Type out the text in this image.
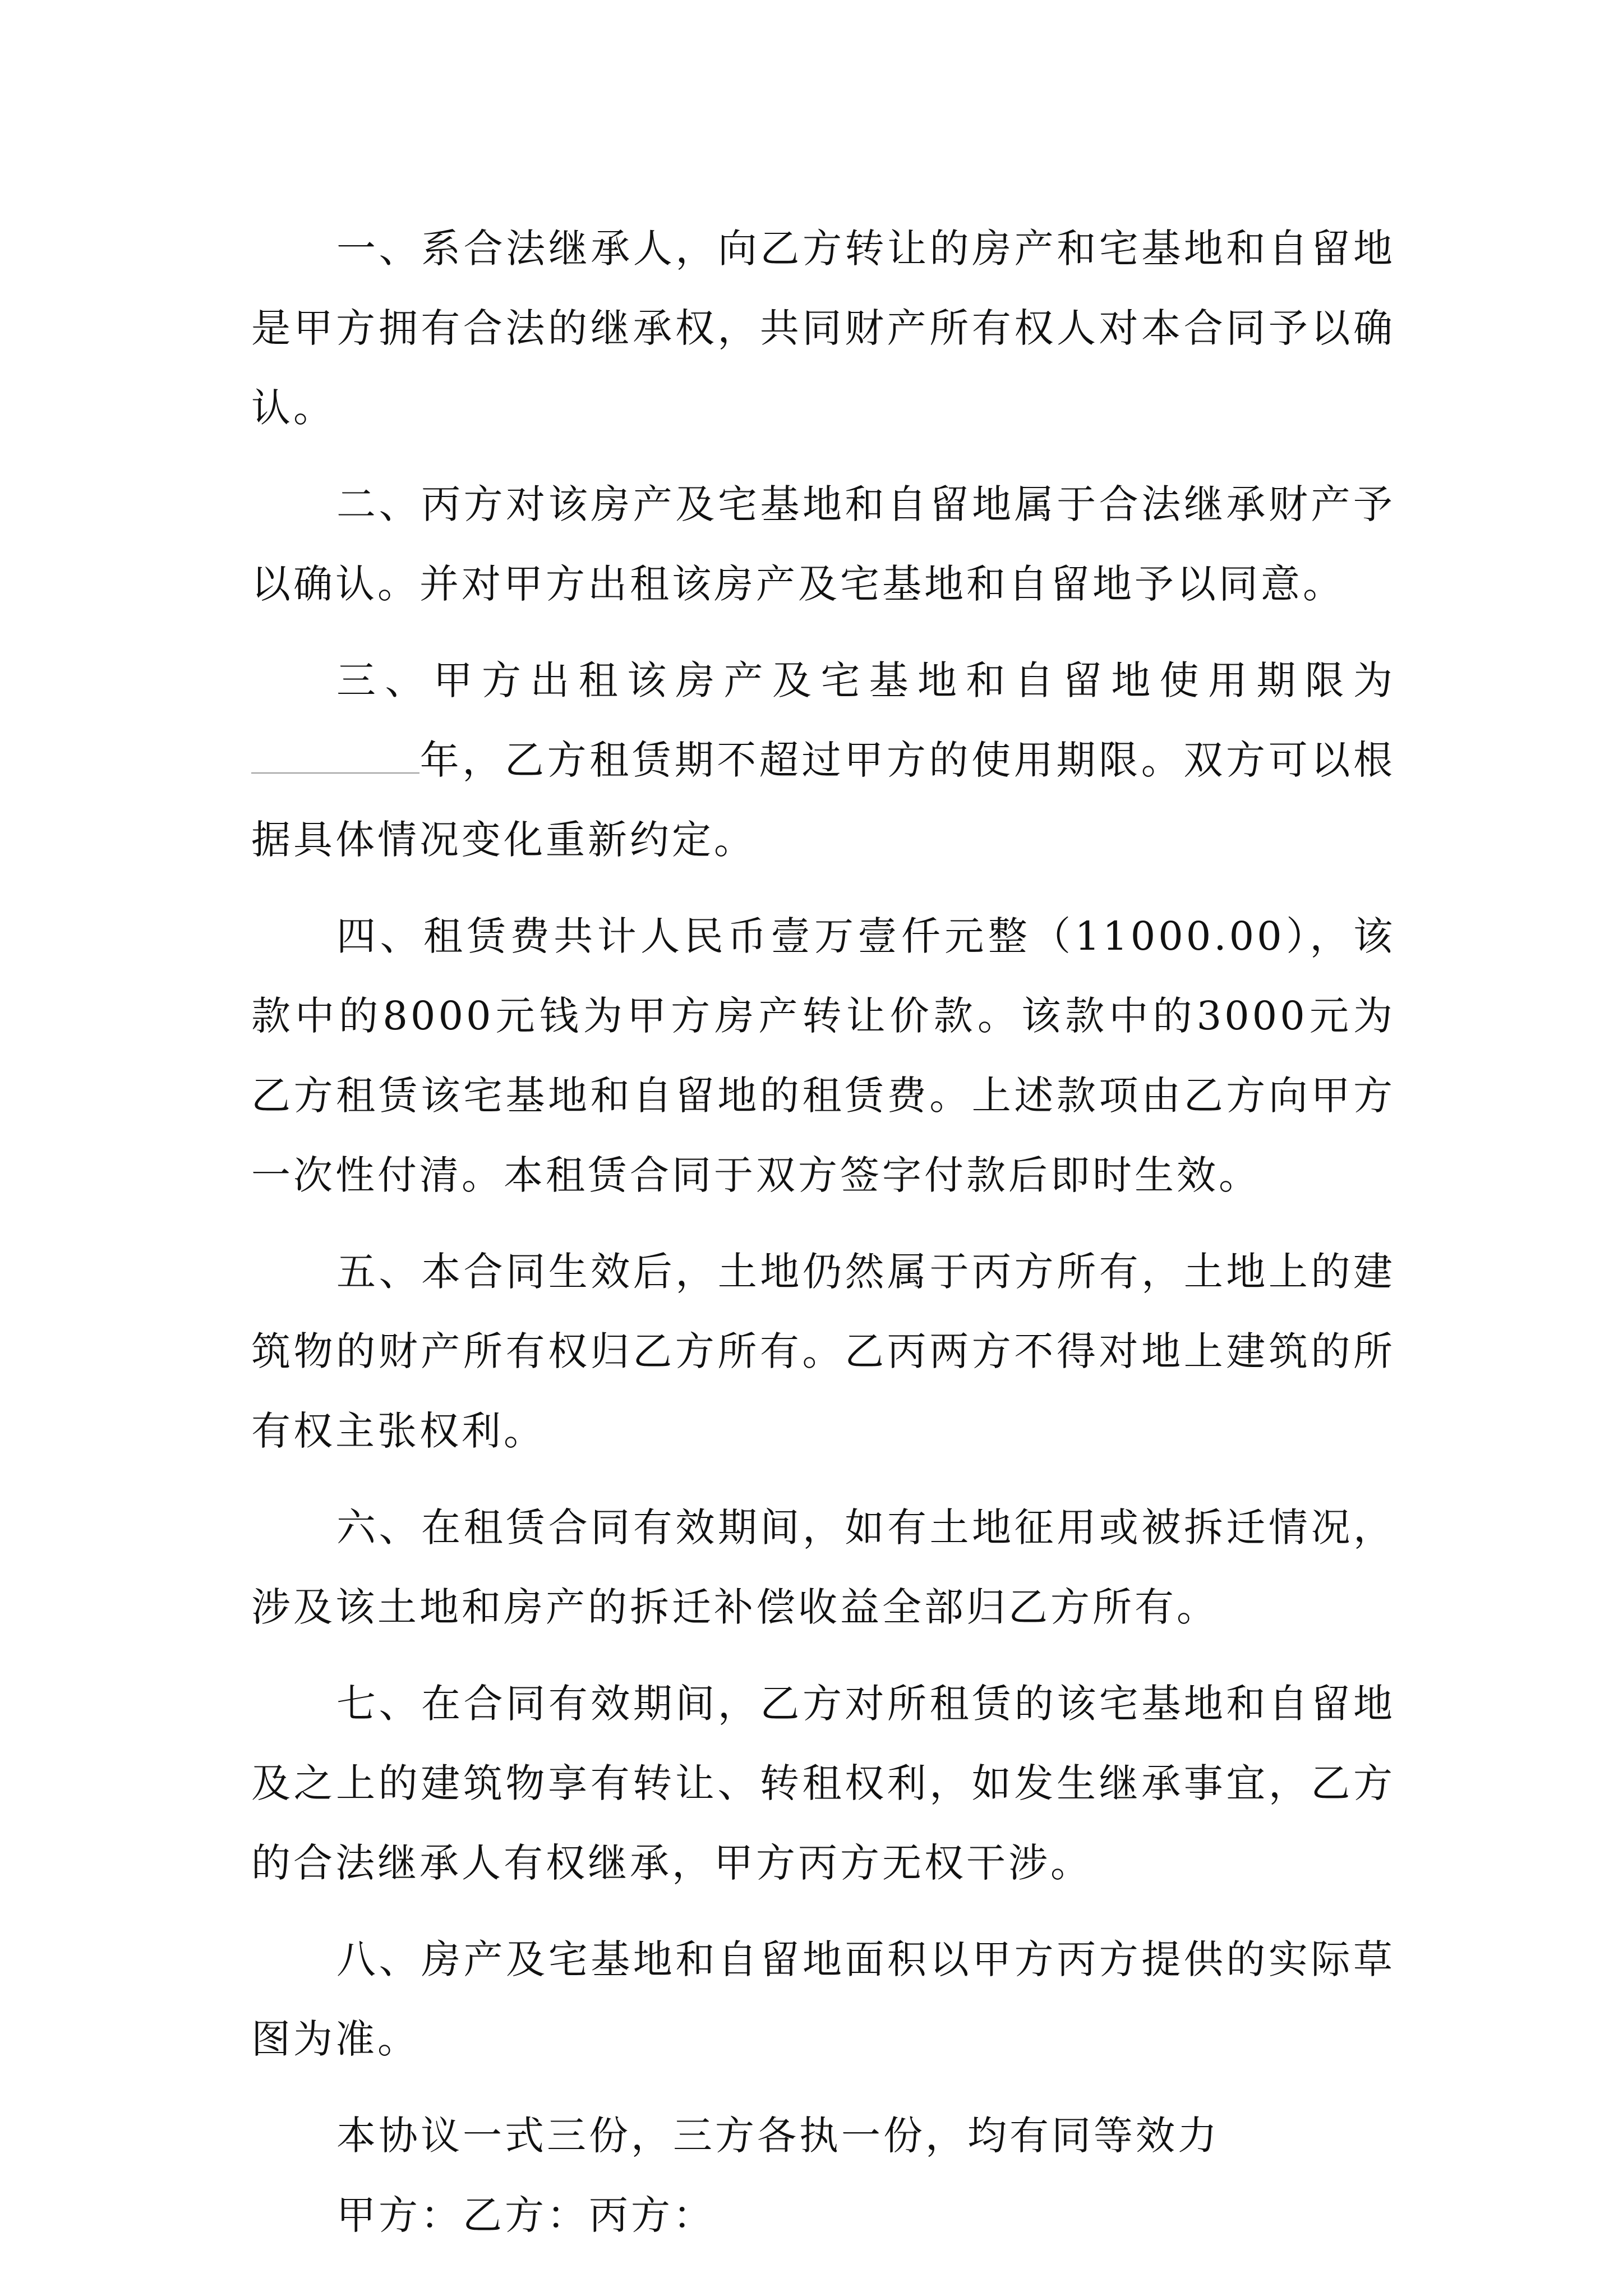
一、系合法继承人，向乙方转让的房产和宅基地和自留地是甲方拥有合法的继承权，共同财产所有权人对本合同予以确认。

二、丙方对该房产及宅基地和自留地属于合法继承财产予以确认。并对甲方出租该房产及宅基地和自留地予以同意。

三、甲方出租该房产及宅基地和自留地使用期限为年，乙方租赁期不超过甲方的使用期限。双方可以根据具体情况变化重新约定。

四、租赁费共计人民币壹万壹仟元整（11000.00），该款中的8000元钱为甲方房产转让价款。该款中的3000元为乙方租赁该宅基地和自留地的租赁费。上述款项由乙方向甲方一次性付清。本租赁合同于双方签字付款后即时生效。

五、本合同生效后，土地仍然属于丙方所有，土地上的建筑物的财产所有权归乙方所有。乙丙两方不得对地上建筑的所有权主张权利。

六、在租赁合同有效期间，如有土地征用或被拆迁情况，涉及该土地和房产的拆迁补偿收益全部归乙方所有。

七、在合同有效期间，乙方对所租赁的该宅基地和自留地及之上的建筑物享有转让、转租权利，如发生继承事宜，乙方的合法继承人有权继承，甲方丙方无权干涉。

八、房产及宅基地和自留地面积以甲方丙方提供的实际草图为准。

本协议一式三份，三方各执一份，均有同等效力

甲方：乙方：丙方：
